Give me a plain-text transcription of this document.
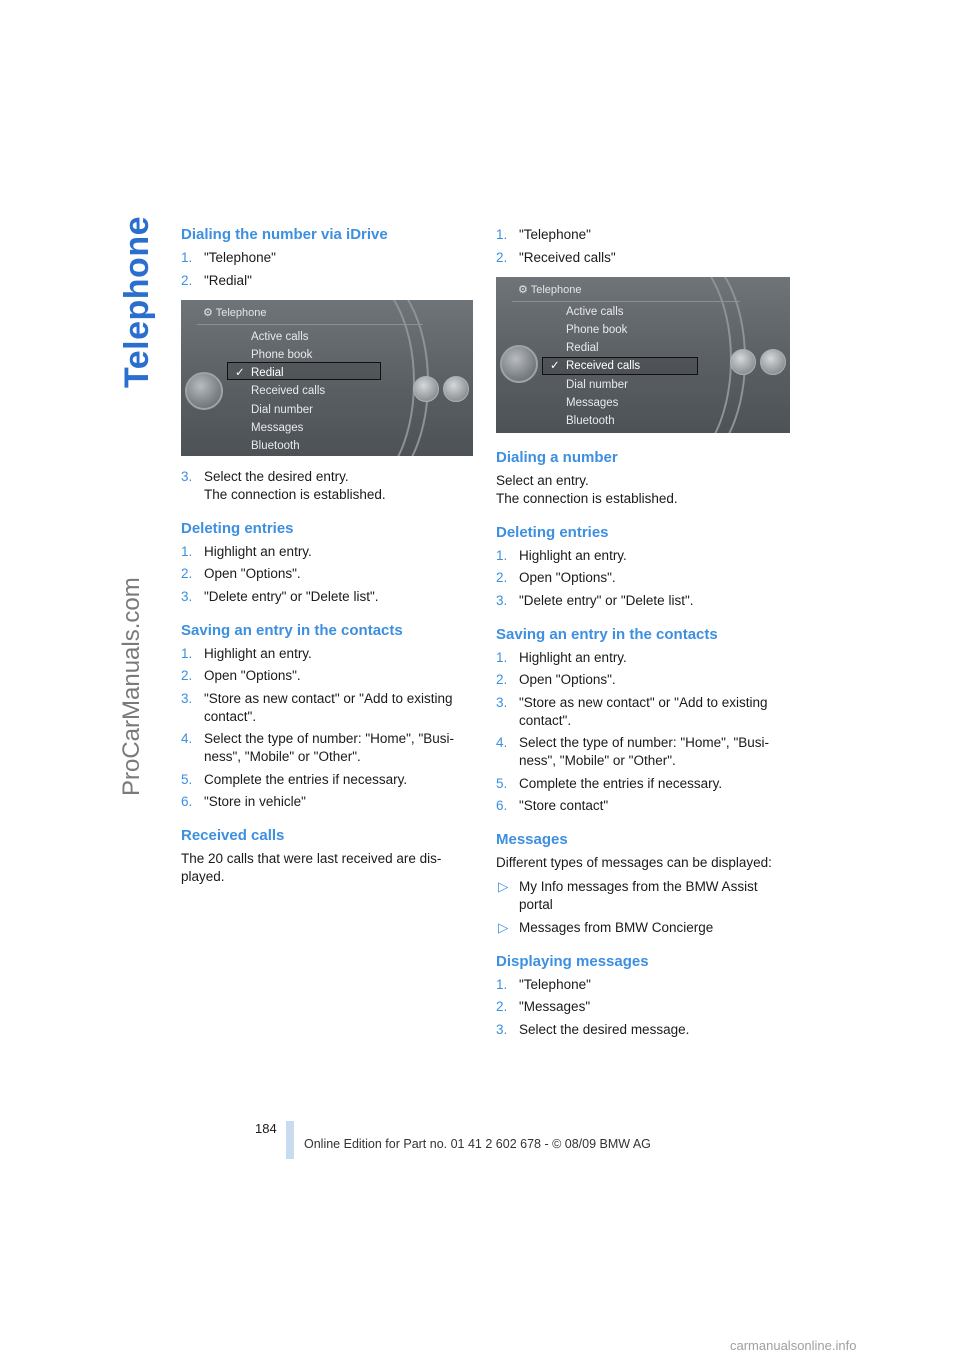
Telephone
ProCarManuals.com
Dialing the number via iDrive
1. "Telephone"
2. "Redial"
⚙ Telephone
Active calls
Phone book
✓ Redial
Received calls
Dial number
Messages
Bluetooth
3. Select the desired entry.
The connection is established.
Deleting entries
1. Highlight an entry.
2. Open "Options".
3. "Delete entry" or "Delete list".
Saving an entry in the contacts
1. Highlight an entry.
2. Open "Options".
3. "Store as new contact" or "Add to existing contact".
4. Select the type of number: "Home", "Busi-ness", "Mobile" or "Other".
5. Complete the entries if necessary.
6. "Store in vehicle"
Received calls

The 20 calls that were last received are dis-played.

1. "Telephone"
2. "Received calls"
⚙ Telephone
Active calls
Phone book
Redial
✓ Received calls
Dial number
Messages
Bluetooth
Dialing a number

Select an entry.

The connection is established.

Deleting entries
1. Highlight an entry.
2. Open "Options".
3. "Delete entry" or "Delete list".
Saving an entry in the contacts
1. Highlight an entry.
2. Open "Options".
3. "Store as new contact" or "Add to existing contact".
4. Select the type of number: "Home", "Busi-ness", "Mobile" or "Other".
5. Complete the entries if necessary.
6. "Store contact"
Messages

Different types of messages can be displayed:

▷ My Info messages from the BMW Assist portal
▷ Messages from BMW Concierge
Displaying messages
1. "Telephone"
2. "Messages"
3. Select the desired message.
184
Online Edition for Part no. 01 41 2 602 678 - © 08/09 BMW AG
carmanualsonline.info
